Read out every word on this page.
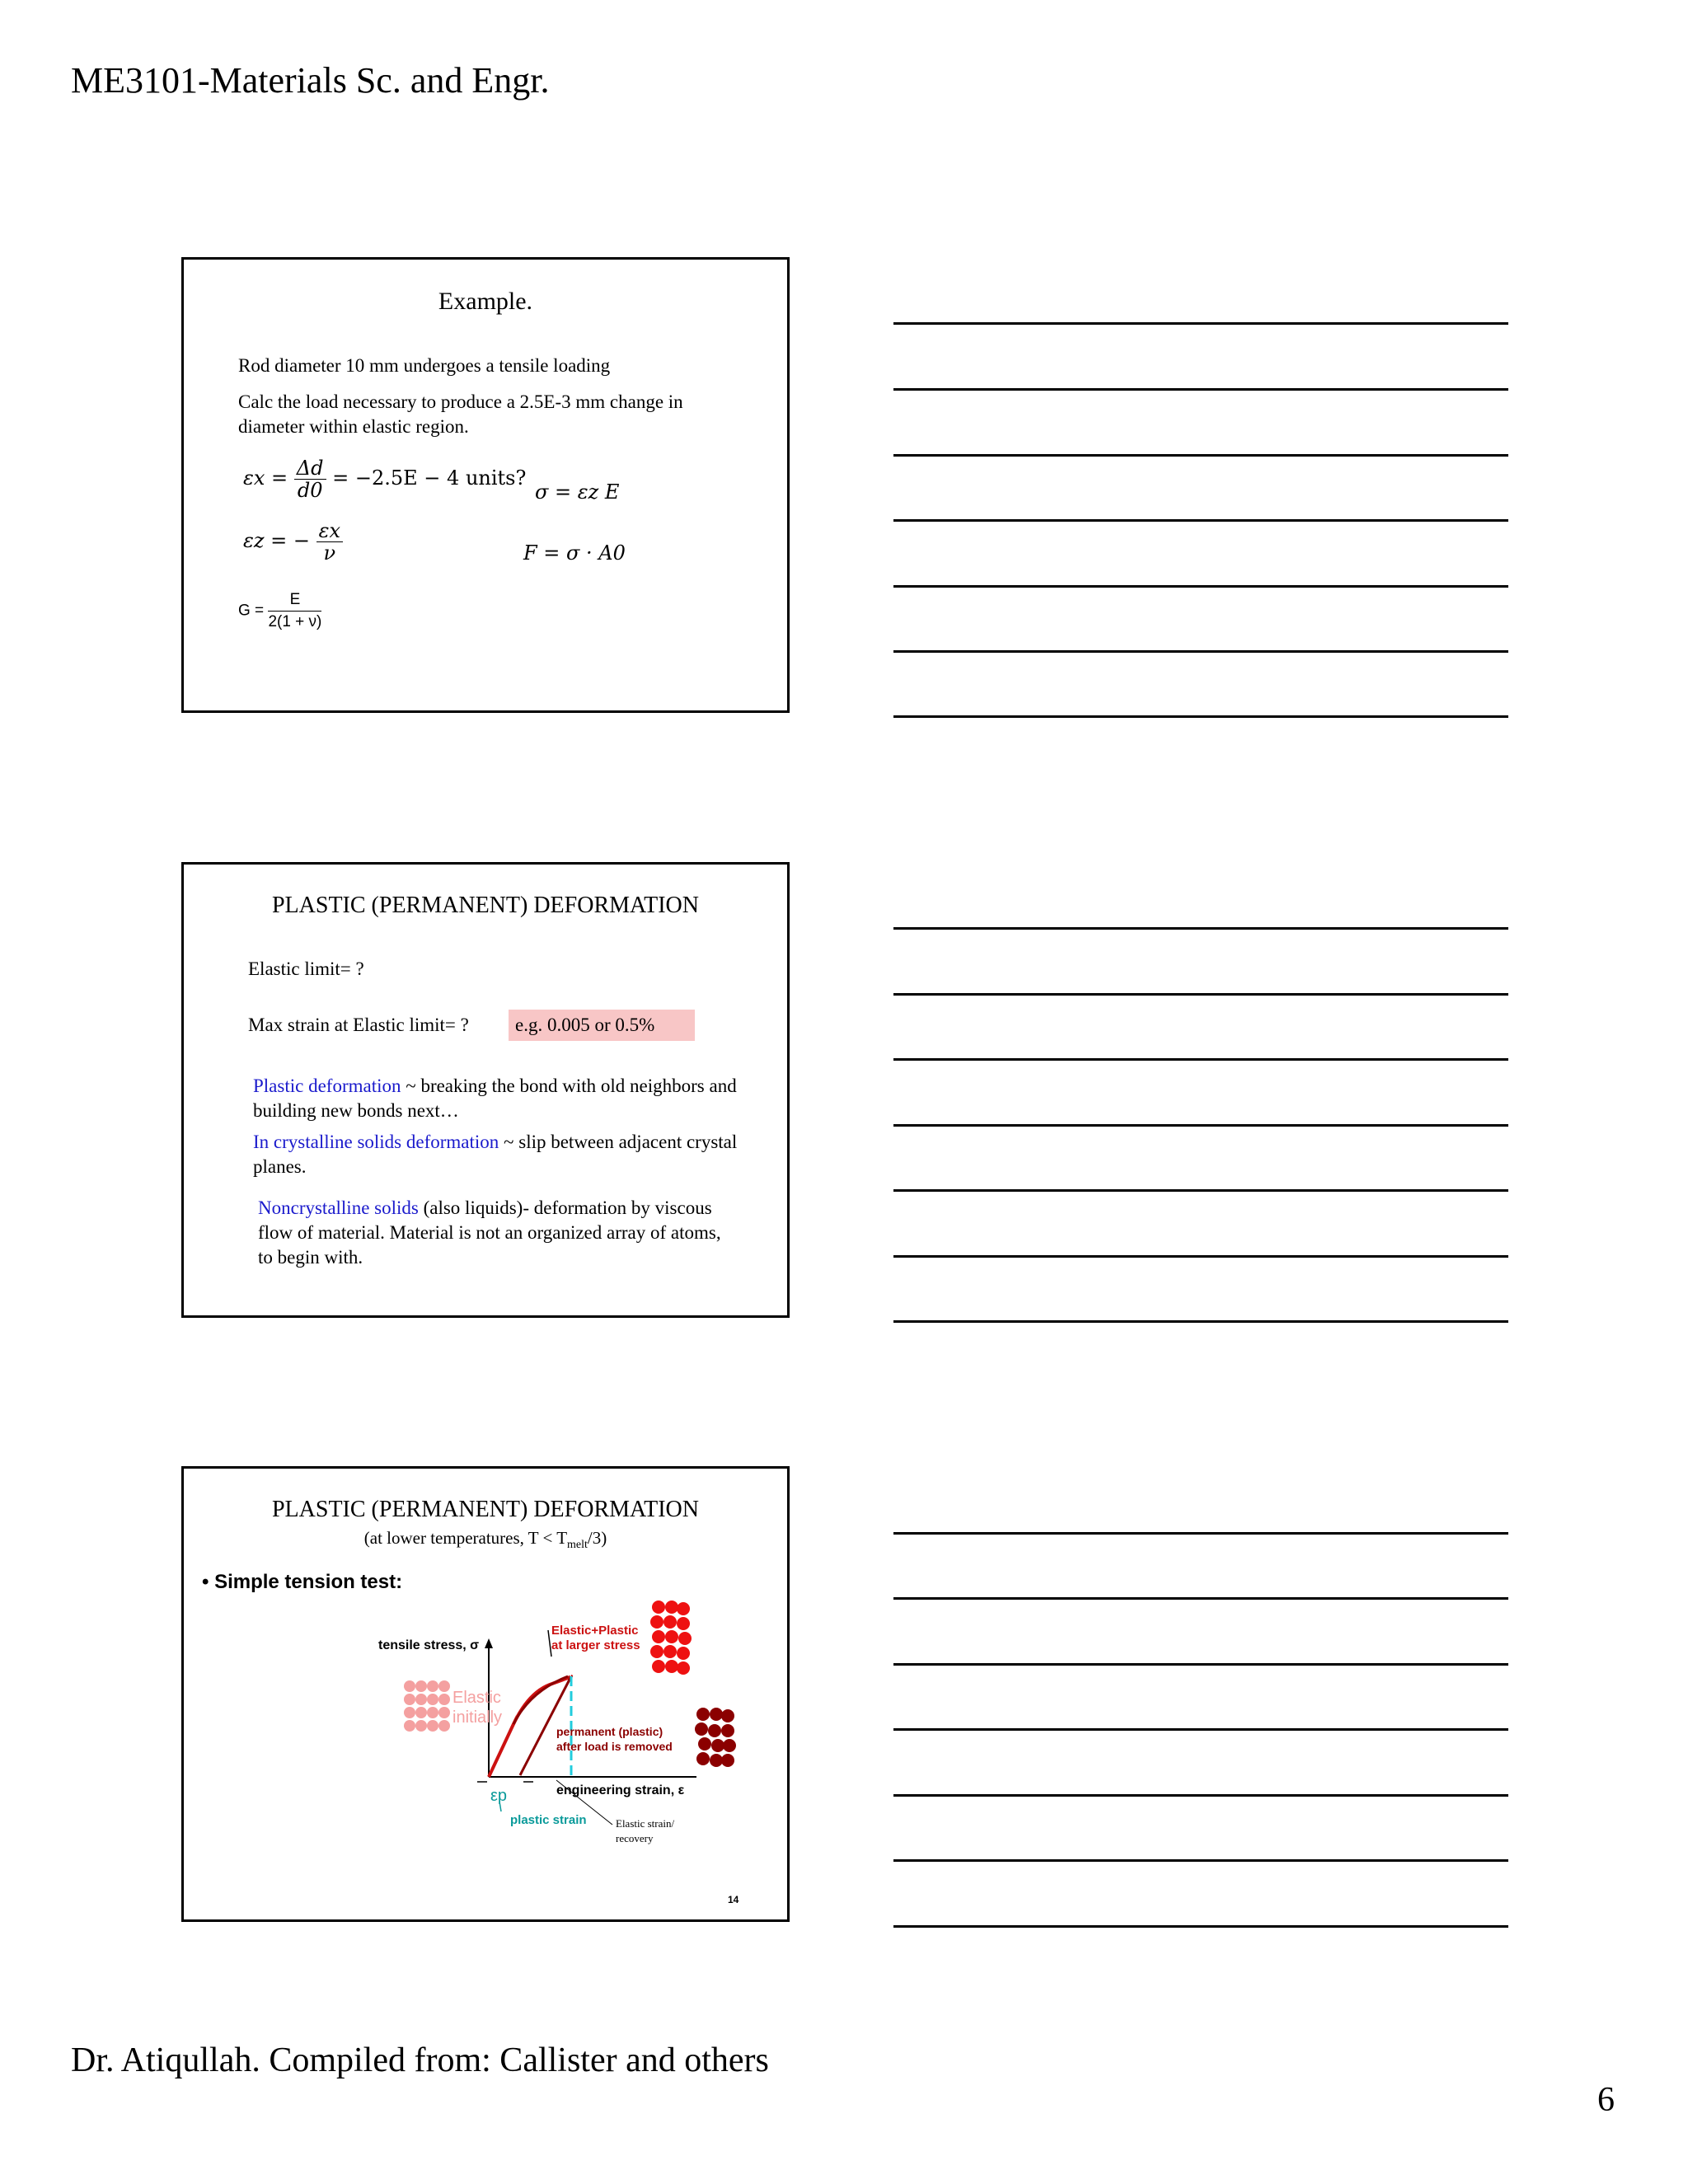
ME3101-Materials Sc. and Engr.
Example.
Rod diameter 10 mm undergoes a tensile loading
Calc the load necessary to produce a 2.5E-3 mm change in diameter within elastic region.
$\varepsilon x = \frac{\Delta d}{d0} = -2.5E - 4$ units?
σ = εz E
εz = − $\frac{\varepsilon x}{\nu}$	F = σ · A0
$G = \frac{E}{2(1 + \nu)}$
PLASTIC (PERMANENT) DEFORMATION
Elastic limit= ?
Max strain at Elastic limit= ?	e.g. 0.005 or 0.5%
Plastic deformation ~ breaking the bond with old neighbors and building new bonds next…
In crystalline solids deformation ~ slip between adjacent crystal planes.
Noncrystalline solids (also liquids)- deformation by viscous flow of material. Material is not an organized array of atoms, to begin with.
PLASTIC (PERMANENT) DEFORMATION
(at lower temperatures, $T < T_{melt}/3$)
• Simple tension test:
tensile stress, σ
Elastic
initially
Elastic+Plastic
at larger stress
permanent (plastic)
after load is removed
engineering strain, ε
εp
plastic strain	Elastic strain/
recovery
14
Dr. Atiqullah. Compiled from: Callister and others
6
